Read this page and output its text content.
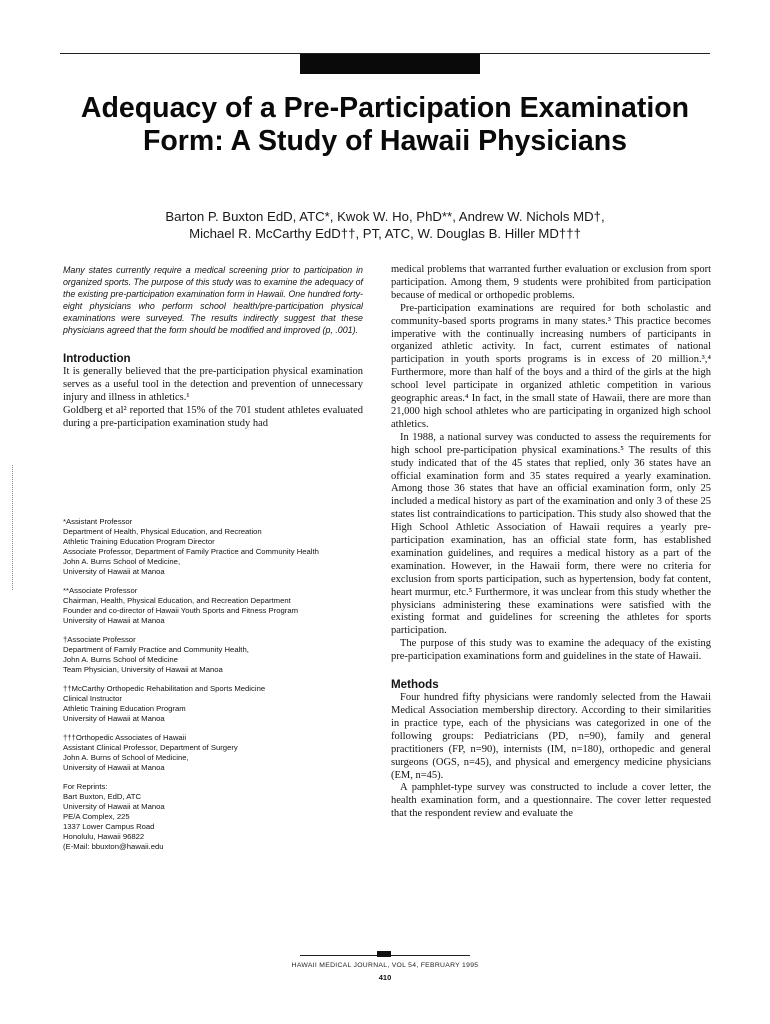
Adequacy of a Pre-Participation Examination Form: A Study of Hawaii Physicians
Barton P. Buxton EdD, ATC*, Kwok W. Ho, PhD**, Andrew W. Nichols MD†,
Michael R. McCarthy EdD††, PT, ATC, W. Douglas B. Hiller MD†††

Many states currently require a medical screening prior to participation in organized sports. The purpose of this study was to examine the adequacy of the existing pre-participation examination form in Hawaii. One hundred forty-eight physicians who perform school health/pre-participation physical examinations were surveyed. The results indirectly suggest that these physicians agreed that the form should be modified and improved (p, .001).

Introduction

It is generally believed that the pre-participation physical examination serves as a useful tool in the detection and prevention of unnecessary injury and illness in athletics.¹

Goldberg et al² reported that 15% of the 701 student athletes evaluated during a pre-participation examination study had

*Assistant Professor
Department of Health, Physical Education, and Recreation
Athletic Training Education Program Director
Associate Professor, Department of Family Practice and Community Health
John A. Burns School of Medicine,
University of Hawaii at Manoa
**Associate Professor
Chairman, Health, Physical Education, and Recreation Department
Founder and co-director of Hawaii Youth Sports and Fitness Program
University of Hawaii at Manoa
†Associate Professor
Department of Family Practice and Community Health,
John A. Burns School of Medicine
Team Physician, University of Hawaii at Manoa
††McCarthy Orthopedic Rehabilitation and Sports Medicine
Clinical Instructor
Athletic Training Education Program
University of Hawaii at Manoa
†††Orthopedic Associates of Hawaii
Assistant Clinical Professor, Department of Surgery
John A. Burns of School of Medicine,
University of Hawaii at Manoa
For Reprints:
Bart Buxton, EdD, ATC
University of Hawaii at Manoa
PE/A Complex, 225
1337 Lower Campus Road
Honolulu, Hawaii 96822
(E-Mail: bbuxton@hawaii.edu

medical problems that warranted further evaluation or exclusion from sport participation. Among them, 9 students were prohibited from participation because of medical or orthopedic problems.

Pre-participation examinations are required for both scholastic and community-based sports programs in many states.³ This practice becomes imperative with the continually increasing numbers of participants in organized athletic activity. In fact, current estimates of national participation in youth sports programs is in excess of 20 million.³,⁴ Furthermore, more than half of the boys and a third of the girls at the high school level participate in organized athletic competition in various geographic areas.⁴ In fact, in the small state of Hawaii, there are more than 21,000 high school athletes who are participating in organized high school athletics.

In 1988, a national survey was conducted to assess the requirements for high school pre-participation physical examinations.⁵ The results of this study indicated that of the 45 states that replied, only 36 states have an official examination form and 35 states required a yearly examination. Among those 36 states that have an official examination form, only 25 included a medical history as part of the examination and only 3 of these 25 states list contraindications to participation. This study also showed that the High School Athletic Association of Hawaii requires a yearly pre-participation examination, has an official state form, has established examination guidelines, and requires a medical history as a part of the examination. However, in the Hawaii form, there were no criteria for exclusion from sports participation, such as hypertension, body fat content, heart murmur, etc.⁵ Furthermore, it was unclear from this study whether the physicians administering these examinations were satisfied with the existing format and guidelines for screening the athletes for sports participation.

The purpose of this study was to examine the adequacy of the existing pre-participation examinations form and guidelines in the state of Hawaii.

Methods

Four hundred fifty physicians were randomly selected from the Hawaii Medical Association membership directory. According to their similarities in practice type, each of the physicians was categorized in one of the following groups: Pediatricians (PD, n=90), family and general practitioners (FP, n=90), internists (IM, n=180), orthopedic and general surgeons (OGS, n=45), and physical and emergency medicine physicians (EM, n=45).

A pamphlet-type survey was constructed to include a cover letter, the health examination form, and a questionnaire. The cover letter requested that the respondent review and evaluate the

HAWAII MEDICAL JOURNAL, VOL 54, FEBRUARY 1995
410
